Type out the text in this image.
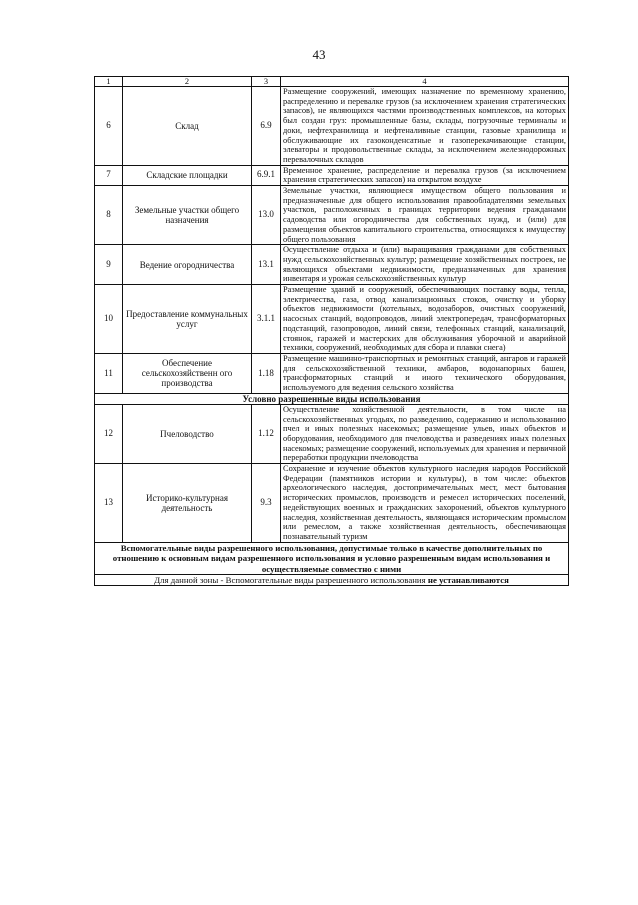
43
1	2	3	4
6	Склад	6.9	Размещение сооружений, имеющих назначение по временному хранению, распределению и перевалке грузов (за исключением хранения стратегических запасов), не являющихся частями производственных комплексов, на которых был создан груз: промышленные базы, склады, погрузочные терминалы и доки, нефтехранилища и нефтеналивные станции, газовые хранилища и обслуживающие их газоконденсатные и газоперекачивающие станции, элеваторы и продовольственные склады, за исключением железнодорожных перевалочных складов
7	Складские площадки	6.9.1	Временное хранение, распределение и перевалка грузов (за исключением хранения стратегических запасов) на открытом воздухе
8	Земельные участки общего назначения	13.0	Земельные участки, являющиеся имуществом общего пользования и предназначенные для общего использования правообладателями земельных участков, расположенных в границах территории ведения гражданами садоводства или огородничества для собственных нужд, и (или) для размещения объектов капитального строительства, относящихся к имуществу общего пользования
9	Ведение огородничества	13.1	Осуществление отдыха и (или) выращивания гражданами для собственных нужд сельскохозяйственных культур; размещение хозяйственных построек, не являющихся объектами недвижимости, предназначенных для хранения инвентаря и урожая сельскохозяйственных культур
10	Предоставление коммунальных услуг	3.1.1	Размещение зданий и сооружений, обеспечивающих поставку воды, тепла, электричества, газа, отвод канализационных стоков, очистку и уборку объектов недвижимости (котельных, водозаборов, очистных сооружений, насосных станций, водопроводов, линий электропередач, трансформаторных подстанций, газопроводов, линий связи, телефонных станций, канализаций, стоянок, гаражей и мастерских для обслуживания уборочной и аварийной техники, сооружений, необходимых для сбора и плавки снега)
11	Обеспечение сельскохозяйственн ого производства	1.18	Размещение машинно-транспортных и ремонтных станций, ангаров и гаражей для сельскохозяйственной техники, амбаров, водонапорных башен, трансформаторных станций и иного технического оборудования, используемого для ведения сельского хозяйства
Условно разрешенные виды использования			
12	Пчеловодство	1.12	Осуществление хозяйственной деятельности, в том числе на сельскохозяйственных угодьях, по разведению, содержанию и использованию пчел и иных полезных насекомых; размещение ульев, иных объектов и оборудования, необходимого для пчеловодства и разведениях иных полезных насекомых; размещение сооружений, используемых для хранения и первичной переработки продукции пчеловодства
13	Историко-культурная деятельность	9.3	Сохранение и изучение объектов культурного наследия народов Российской Федерации (памятников истории и культуры), в том числе: объектов археологического наследия, достопримечательных мест, мест бытования исторических промыслов, производств и ремесел исторических поселений, недействующих военных и гражданских захоронений, объектов культурного наследия, хозяйственная деятельность, являющаяся историческим промыслом или ремеслом, а также хозяйственная деятельность, обеспечивающая познавательный туризм
Вспомогательные виды разрешенного использования, допустимые только в качестве дополнительных по отношению к основным видам разрешенного использования и условно разрешенным видам использования и осуществляемые совместно с ними			
Для данной зоны - Вспомогательные виды разрешенного использования не устанавливаются			
